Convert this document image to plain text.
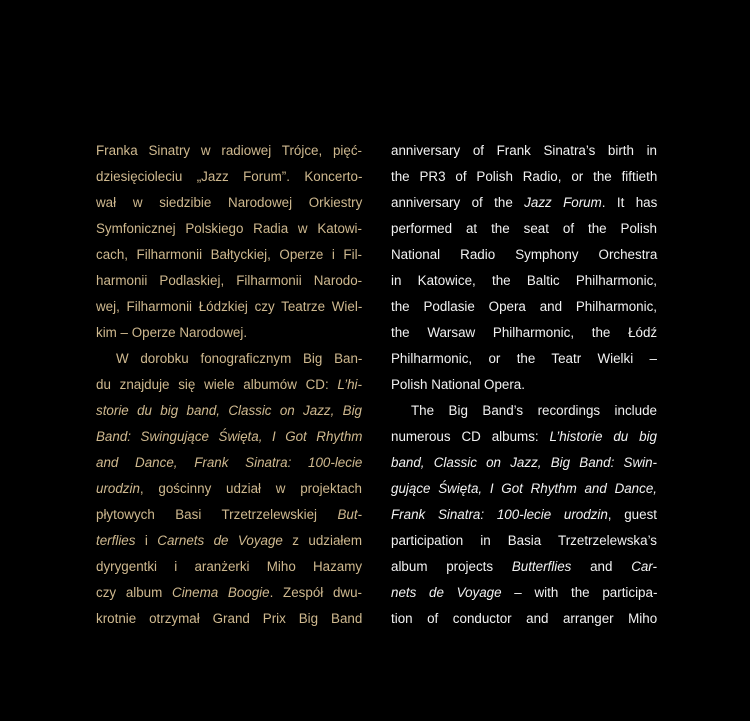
Franka Sinatry w radiowej Trójce, pięć-
dziesięcioleciu „Jazz Forum”. Koncerto-
wał w siedzibie Narodowej Orkiestry
Symfonicznej Polskiego Radia w Katowi-
cach, Filharmonii Bałtyckiej, Operze i Fil-
harmonii Podlaskiej, Filharmonii Narodo-
wej, Filharmonii Łódzkiej czy Teatrze Wiel-
kim – Operze Narodowej.
W dorobku fonograficznym Big Ban-
du znajduje się wiele albumów CD: L’hi-
storie du big band, Classic on Jazz, Big
Band: Swingujące Święta, I Got Rhythm
and Dance, Frank Sinatra: 100-lecie
urodzin, gościnny udział w projektach
płytowych Basi Trzetrzelewskiej But-
terflies i Carnets de Voyage z udziałem
dyrygentki i aranżerki Miho Hazamy
czy album Cinema Boogie. Zespół dwu-
krotnie otrzymał Grand Prix Big Band
anniversary of Frank Sinatra’s birth in
the PR3 of Polish Radio, or the fiftieth
anniversary of the Jazz Forum. It has
performed at the seat of the Polish
National Radio Symphony Orchestra
in Katowice, the Baltic Philharmonic,
the Podlasie Opera and Philharmonic,
the Warsaw Philharmonic, the Łódź
Philharmonic, or the Teatr Wielki –
Polish National Opera.
The Big Band’s recordings include
numerous CD albums: L’historie du big
band, Classic on Jazz, Big Band: Swin-
gujące Święta, I Got Rhythm and Dance,
Frank Sinatra: 100-lecie urodzin, guest
participation in Basia Trzetrzelewska’s
album projects Butterflies and Car-
nets de Voyage – with the participa-
tion of conductor and arranger Miho
